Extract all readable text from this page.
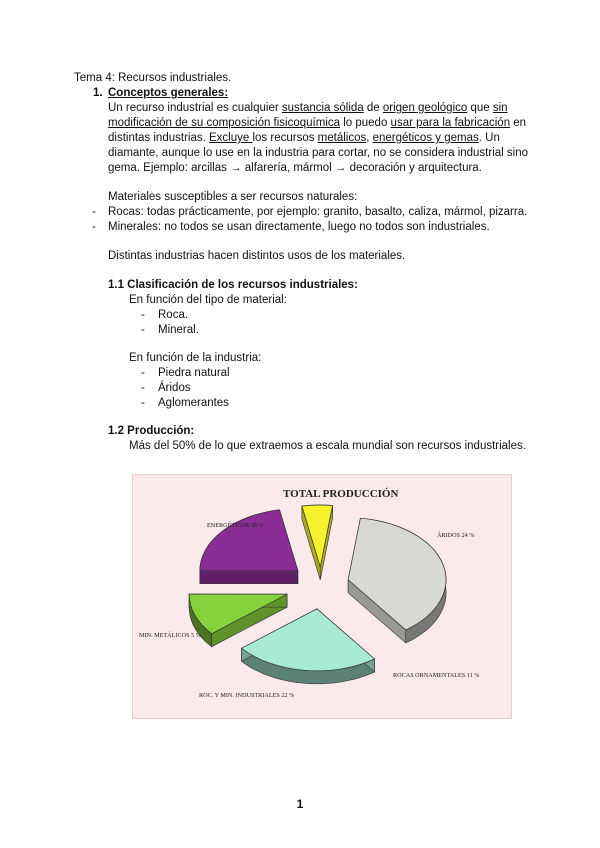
Tema 4: Recursos industriales.
1. Conceptos generales:
Un recurso industrial es cualquier sustancia sólida de origen geológico que sin
modificación de su composición fisicoquímica lo puedo usar para la fabricación en
distintas industrias. Excluye los recursos metálicos, energéticos y gemas. Un
diamante, aunque lo use en la industria para cortar, no se considera industrial sino
gema. Ejemplo: arcillas → alfarería, mármol → decoración y arquitectura.
Materiales susceptibles a ser recursos naturales:
- Rocas: todas prácticamente, por ejemplo: granito, basalto, caliza, mármol, pizarra.
- Minerales: no todos se usan directamente, luego no todos son industriales.
Distintas industrias hacen distintos usos de los materiales.
1.1 Clasificación de los recursos industriales:
En función del tipo de material:
- Roca.
- Mineral.
En función de la industria:
- Piedra natural
- Áridos
- Aglomerantes
1.2 Producción:
Más del 50% de lo que extraemos a escala mundial son recursos industriales.
TOTAL PRODUCCIÓN
ENERGÉTICOS 38 %
ÁRIDOS 24 %
ROCAS ORNAMENTALES 11 %
ROC. Y MIN. INDUSTRIALES 22 %
MIN. METÁLICOS 5 %
1
